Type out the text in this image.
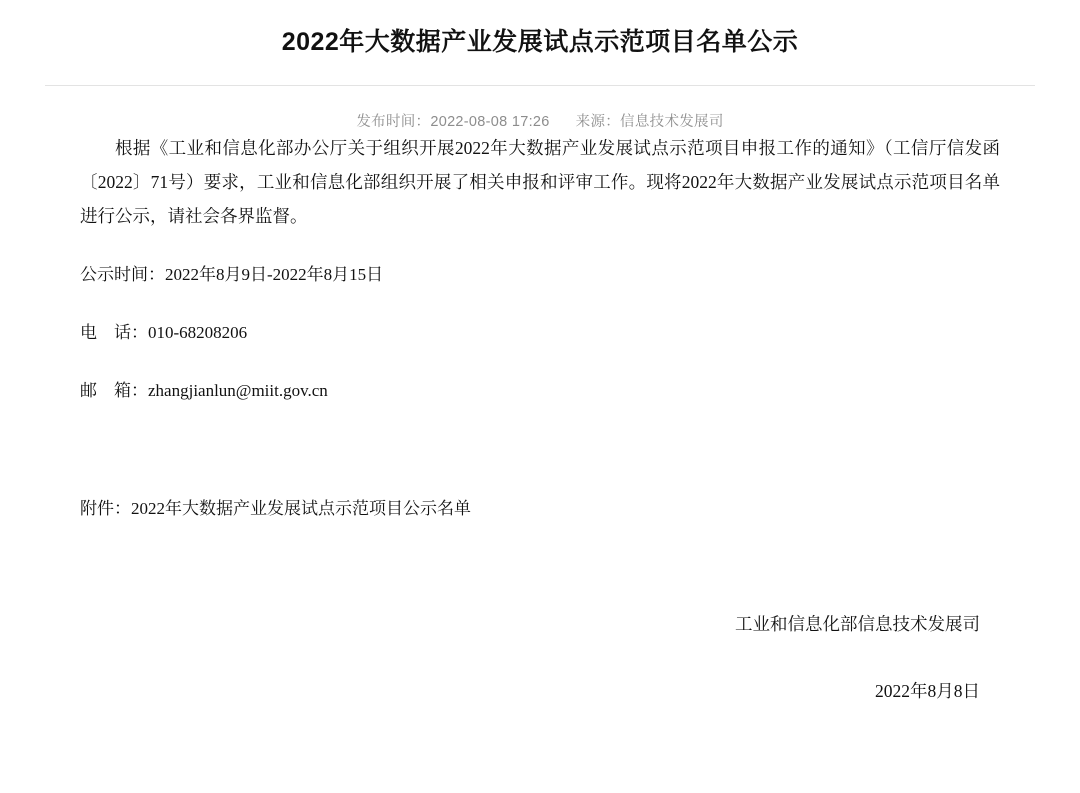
2022年大数据产业发展试点示范项目名单公示
发布时间：2022-08-08 17:26 来源：信息技术发展司

根据《工业和信息化部办公厅关于组织开展2022年大数据产业发展试点示范项目申报工作的通知》（工信厅信发函〔2022〕71号）要求，工业和信息化部组织开展了相关申报和评审工作。现将2022年大数据产业发展试点示范项目名单进行公示，请社会各界监督。

公示时间：2022年8月9日-2022年8月15日
电　话：010-68208206
邮　箱：zhangjianlun@miit.gov.cn
附件：2022年大数据产业发展试点示范项目公示名单
工业和信息化部信息技术发展司
2022年8月8日
